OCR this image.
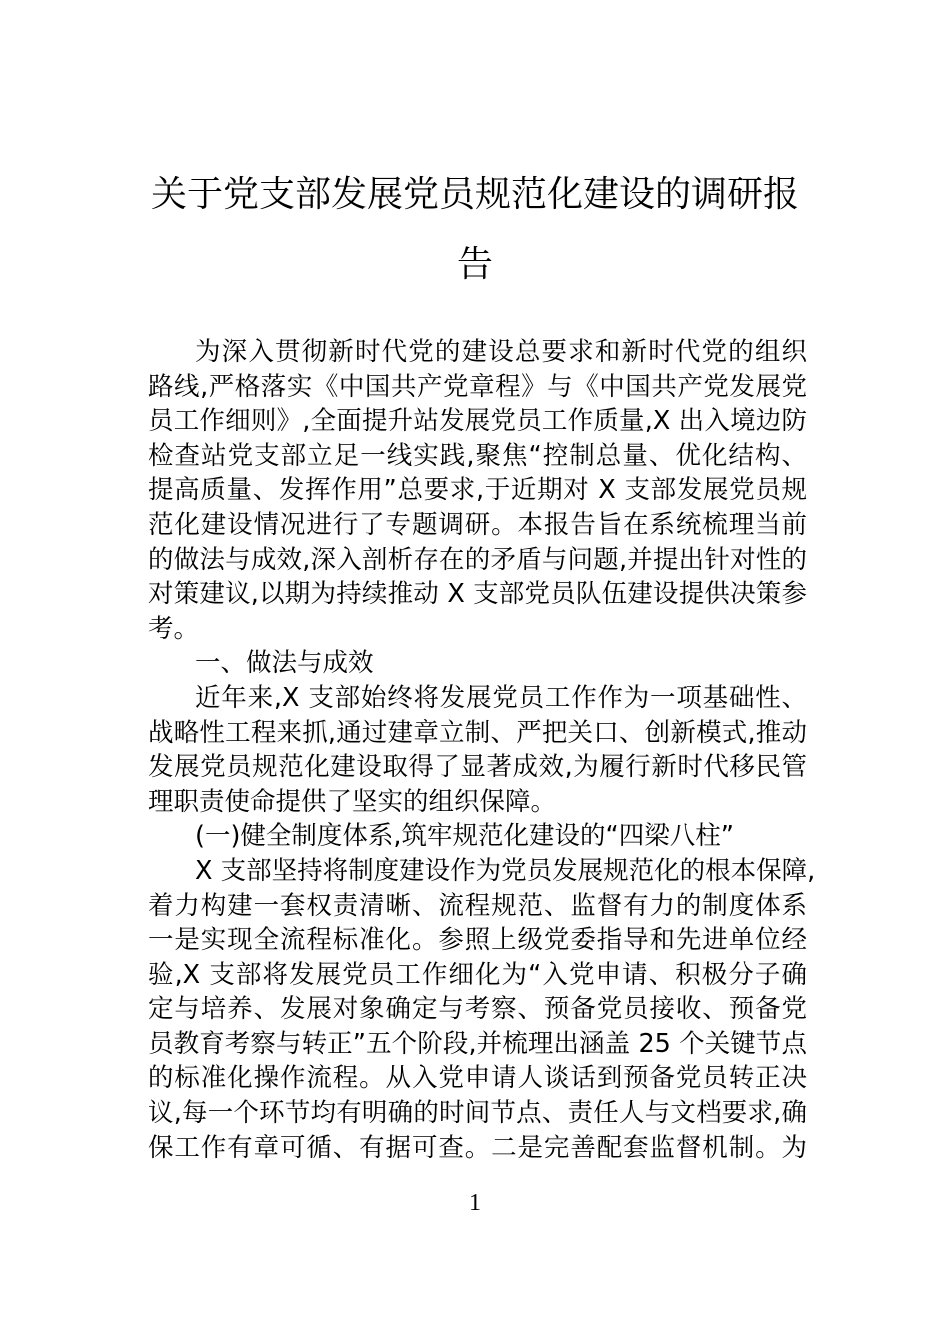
关于党支部发展党员规范化建设的调研报
告
为深入贯彻新时代党的建设总要求和新时代党的组织
路线,严格落实《中国共产党章程》与《中国共产党发展党
员工作细则》,全面提升站发展党员工作质量,X 出入境边防
检查站党支部立足一线实践,聚焦“控制总量、优化结构、
提高质量、发挥作用”总要求,于近期对 X 支部发展党员规
范化建设情况进行了专题调研。本报告旨在系统梳理当前
的做法与成效,深入剖析存在的矛盾与问题,并提出针对性的
对策建议,以期为持续推动 X 支部党员队伍建设提供决策参
考。
一、做法与成效
近年来,X 支部始终将发展党员工作作为一项基础性、
战略性工程来抓,通过建章立制、严把关口、创新模式,推动
发展党员规范化建设取得了显著成效,为履行新时代移民管
理职责使命提供了坚实的组织保障。
(一)健全制度体系,筑牢规范化建设的“四梁八柱”
X 支部坚持将制度建设作为党员发展规范化的根本保障,
着力构建一套权责清晰、流程规范、监督有力的制度体系
一是实现全流程标准化。参照上级党委指导和先进单位经
验,X 支部将发展党员工作细化为“入党申请、积极分子确
定与培养、发展对象确定与考察、预备党员接收、预备党
员教育考察与转正”五个阶段,并梳理出涵盖 25 个关键节点
的标准化操作流程。从入党申请人谈话到预备党员转正决
议,每一个环节均有明确的时间节点、责任人与文档要求,确
保工作有章可循、有据可查。二是完善配套监督机制。为
1
